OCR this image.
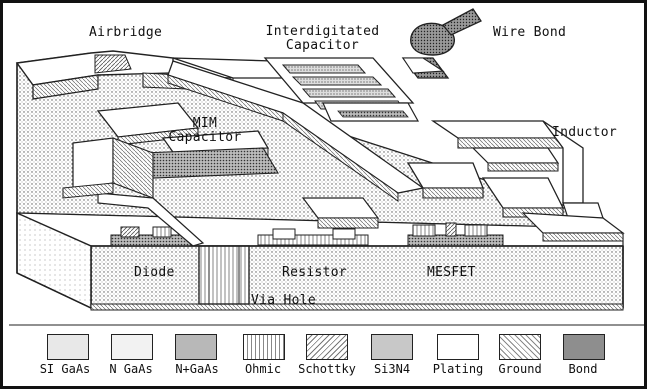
Airbridge	Interdigitated
Capacitor
Wire Bond
MIM
Capacitor	Inductor
Diode	Resistor	MESFET
Via Hole
SI GaAs N GaAs N+GaAs Ohmic Schottky Si3N4 Plating Ground Bond
